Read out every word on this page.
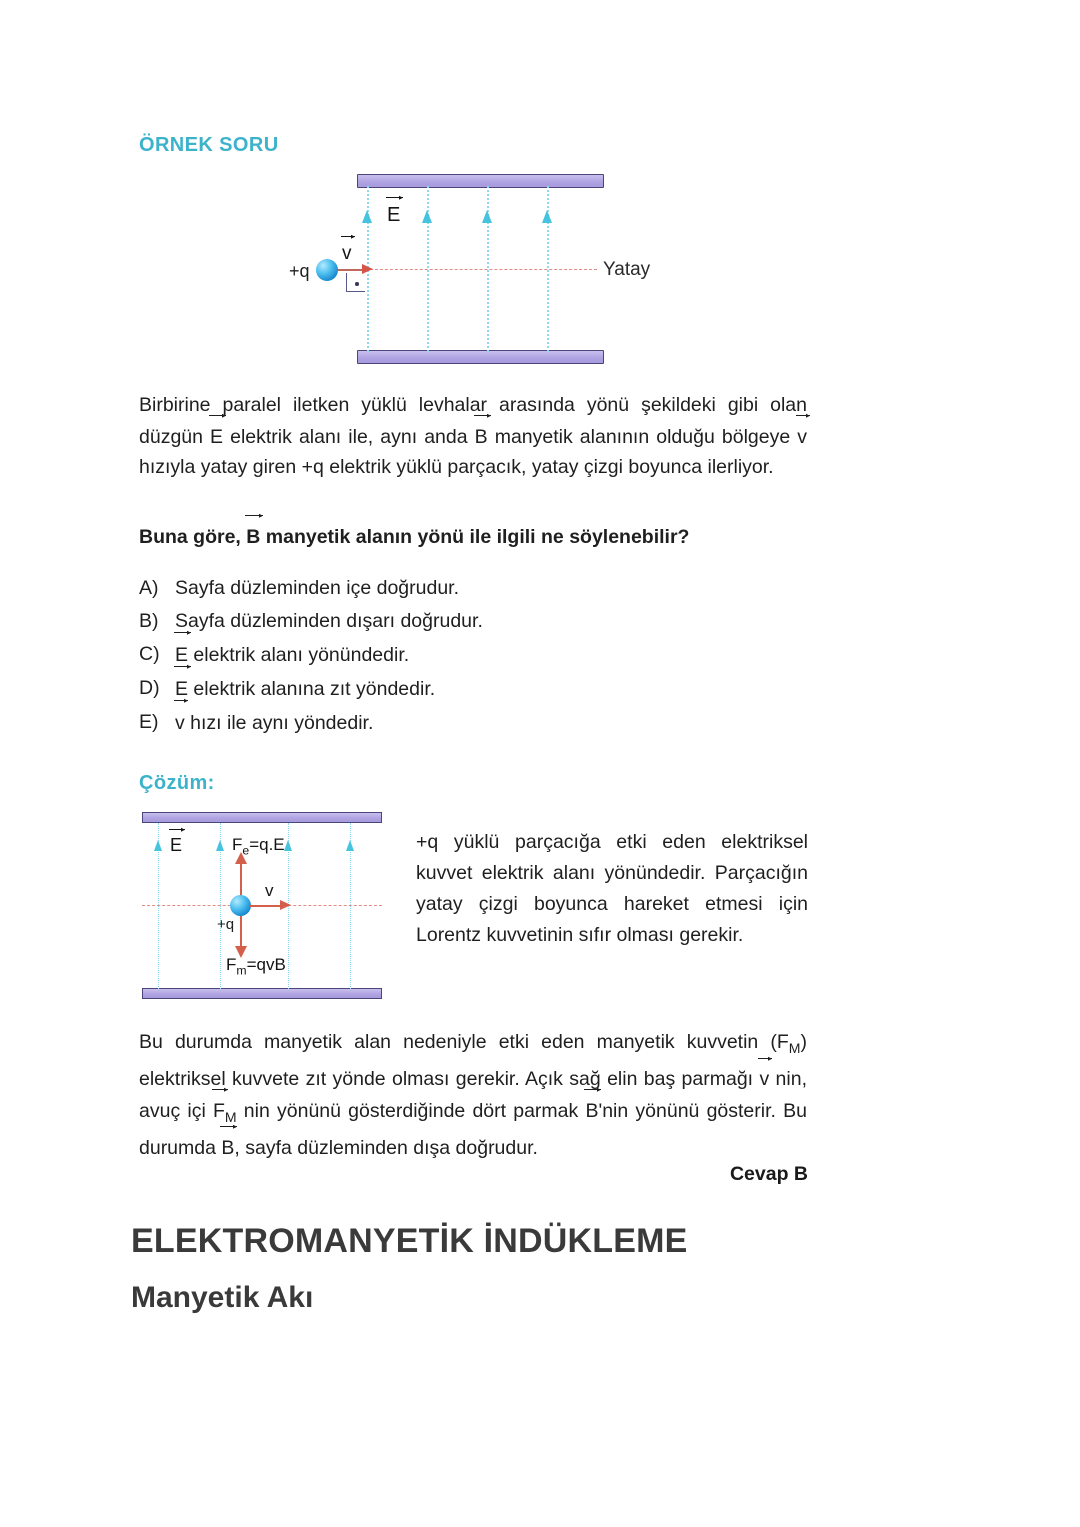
ÖRNEK SORU
E
Yatay
+q
v
Birbirine paralel iletken yüklü levhalar arasında yönü şekildeki gibi olan düzgün E elektrik alanı ile, aynı anda B manyetik alanının olduğu bölgeye v hızıyla yatay giren +q elektrik yüklü parçacık, yatay çizgi boyunca ilerliyor.
Buna göre, B manyetik alanın yönü ile ilgili ne söylenebilir?
A) Sayfa düzleminden içe doğrudur.
B) Sayfa düzleminden dışarı doğrudur.
C) E elektrik alanı yönündedir.
D) E elektrik alanına zıt yöndedir.
E) v hızı ile aynı yöndedir.
Çözüm:
E	$F_e=q.E$
$F_m=qvB$
+q
v
+q yüklü parçacığa etki eden elektriksel kuvvet elektrik alanı yönündedir. Parçacığın yatay çizgi boyunca hareket etmesi için Lorentz kuvvetinin sıfır olması gerekir.
Bu durumda manyetik alan nedeniyle etki eden manyetik kuvvetin $(F_M)$ elektriksel kuvvete zıt yönde olması gerekir. Açık sağ elin baş parmağı v nin, avuç içi $F_M$ nin yönünü gösterdiğinde dört parmak B'nin yönünü gösterir. Bu durumda B, sayfa düzleminden dışa doğrudur.
Cevap B
ELEKTROMANYETİK İNDÜKLEME
Manyetik Akı
